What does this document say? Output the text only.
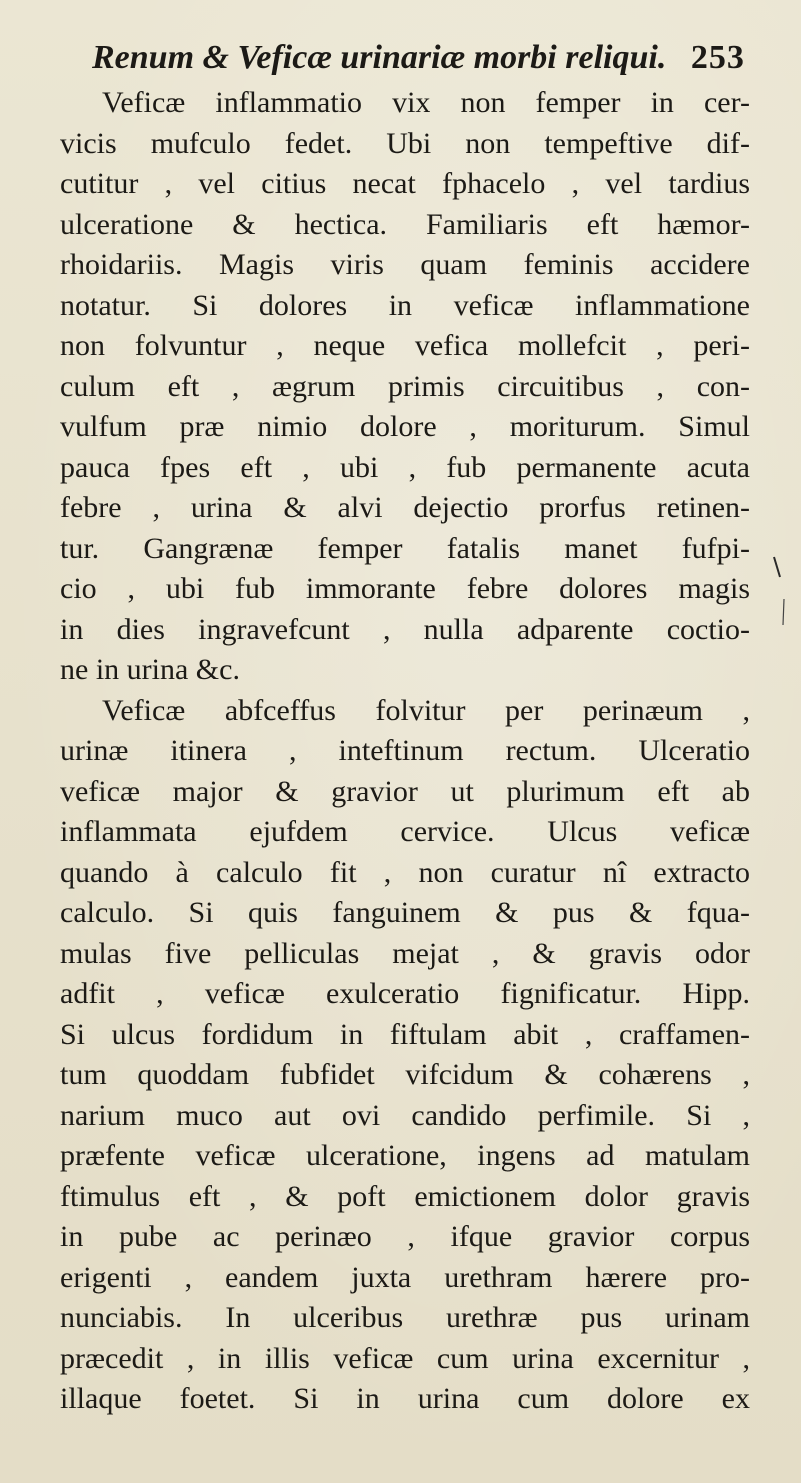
Renum & Veficæ urinariæ morbi reliqui. 253
Veficæ inflammatio vix non femper in cer-
vicis mufculo fedet. Ubi non tempeftive dif-
cutitur , vel citius necat fphacelo , vel tardius
ulceratione & hectica. Familiaris eft hæmor-
rhoidariis. Magis viris quam feminis accidere
notatur. Si dolores in veficæ inflammatione
non folvuntur , neque vefica mollefcit , peri-
culum eft , ægrum primis circuitibus , con-
vulfum præ nimio dolore , moriturum. Simul
pauca fpes eft , ubi , fub permanente acuta
febre , urina & alvi dejectio prorfus retinen-
tur. Gangrænæ femper fatalis manet fufpi-
cio , ubi fub immorante febre dolores magis
in dies ingravefcunt , nulla adparente coctio-
ne in urina &c.
Veficæ abfceffus folvitur per perinæum ,
urinæ itinera , inteftinum rectum. Ulceratio
veficæ major & gravior ut plurimum eft ab
inflammata ejufdem cervice. Ulcus veficæ
quando à calculo fit , non curatur nî extracto
calculo. Si quis fanguinem & pus & fqua-
mulas five pelliculas mejat , & gravis odor
adfit , veficæ exulceratio fignificatur. Hipp.
Si ulcus fordidum in fiftulam abit , craffamen-
tum quoddam fubfidet vifcidum & cohærens ,
narium muco aut ovi candido perfimile. Si ,
præfente veficæ ulceratione, ingens ad matulam
ftimulus eft , & poft emictionem dolor gravis
in pube ac perinæo , ifque gravior corpus
erigenti , eandem juxta urethram hærere pro-
nunciabis. In ulceribus urethræ pus urinam
præcedit , in illis veficæ cum urina excernitur ,
illaque foetet. Si in urina cum dolore ex
